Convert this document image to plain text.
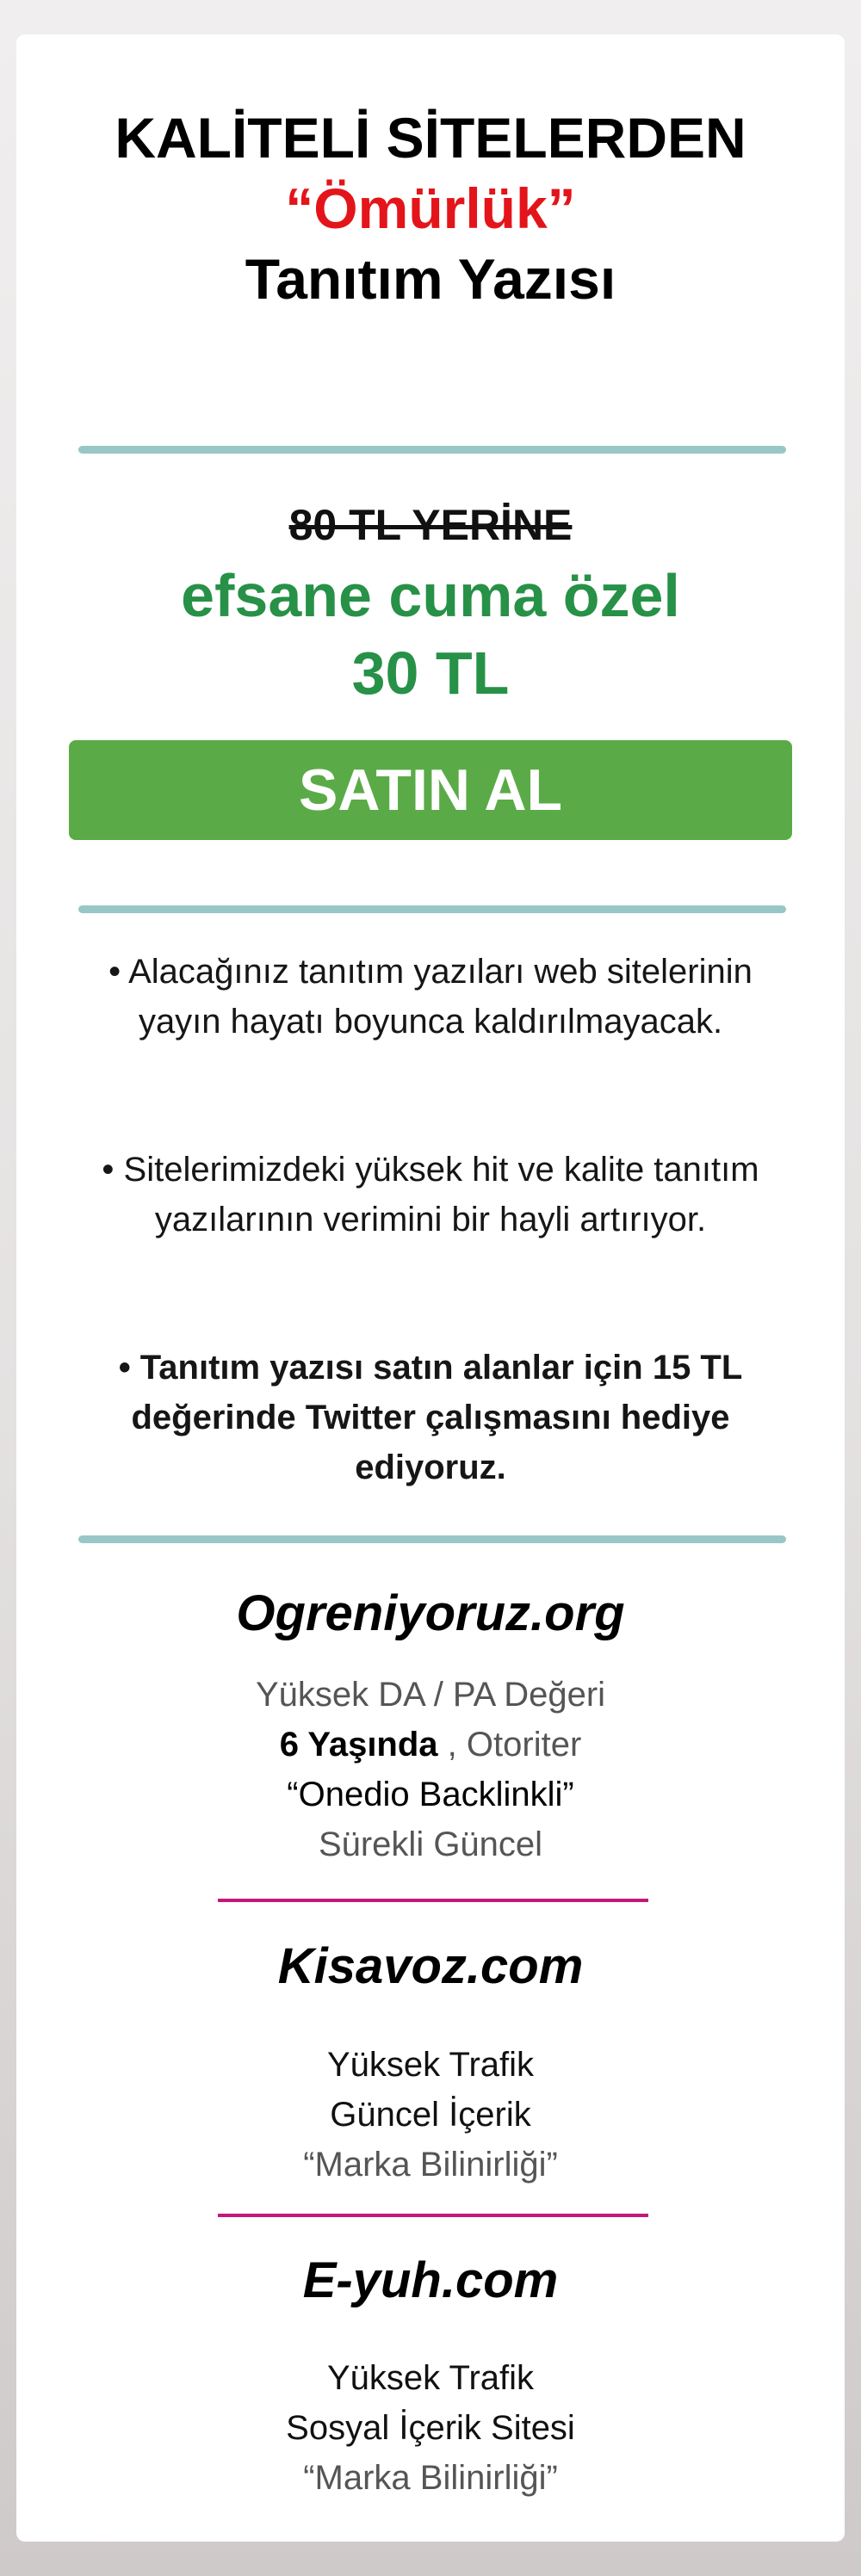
KALİTELİ SİTELERDEN
“Ömürlük”
Tanıtım Yazısı
80 TL YERİNE
efsane cuma özel
30 TL
SATIN AL
• Alacağınız tanıtım yazıları web sitelerinin yayın hayatı boyunca kaldırılmayacak.
• Sitelerimizdeki yüksek hit ve kalite tanıtım yazılarının verimini bir hayli artırıyor.
• Tanıtım yazısı satın alanlar için 15 TL değerinde Twitter çalışmasını hediye ediyoruz.
Ogreniyoruz.org
Yüksek DA / PA Değeri
6 Yaşında , Otoriter
“Onedio Backlinkli”
Sürekli Güncel
Kisavoz.com
Yüksek Trafik
Güncel İçerik
“Marka Bilinirliği”
E-yuh.com
Yüksek Trafik
Sosyal İçerik Sitesi
“Marka Bilinirliği”
